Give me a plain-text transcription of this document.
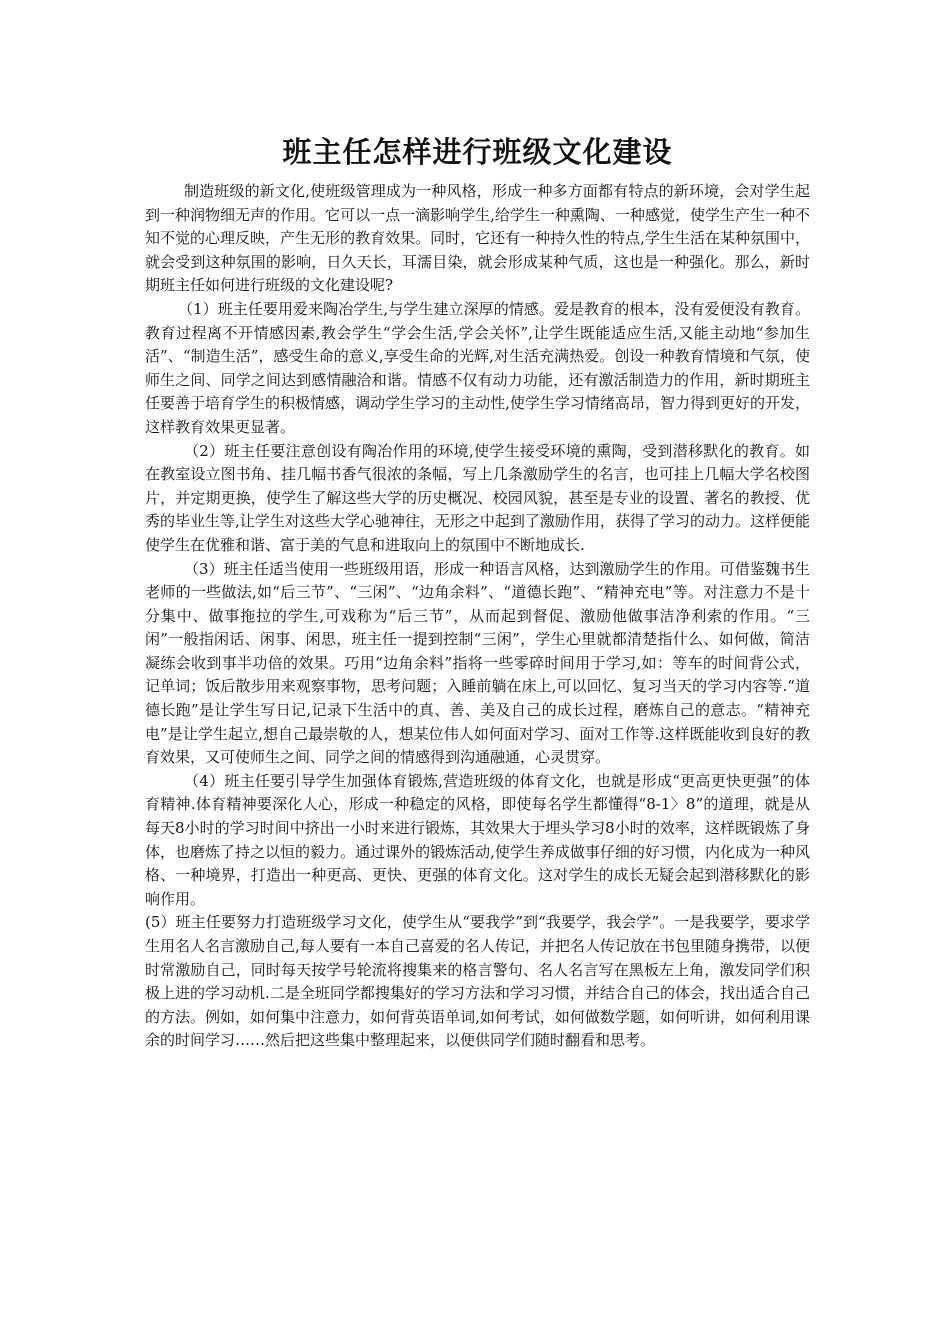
班主任怎样进行班级文化建设

制造班级的新文化,使班级管理成为一种风格，形成一种多方面都有特点的新环境，会对学生起到一种润物细无声的作用。它可以一点一滴影响学生,给学生一种熏陶、一种感觉，使学生产生一种不知不觉的心理反映，产生无形的教育效果。同时，它还有一种持久性的特点,学生生活在某种氛围中，就会受到这种氛围的影响，日久天长，耳濡目染，就会形成某种气质，这也是一种强化。那么，新时期班主任如何进行班级的文化建设呢?

（1）班主任要用爱来陶冶学生,与学生建立深厚的情感。爱是教育的根本，没有爱便没有教育。教育过程离不开情感因素,教会学生“学会生活,学会关怀”,让学生既能适应生活,又能主动地“参加生活”、“制造生活”，感受生命的意义,享受生命的光辉,对生活充满热爱。创设一种教育情境和气氛，使师生之间、同学之间达到感情融洽和谐。情感不仅有动力功能，还有激活制造力的作用，新时期班主任要善于培育学生的积极情感，调动学生学习的主动性,使学生学习情绪高昂，智力得到更好的开发，这样教育效果更显著。

（2）班主任要注意创设有陶冶作用的环境,使学生接受环境的熏陶，受到潜移默化的教育。如在教室设立图书角、挂几幅书香气很浓的条幅，写上几条激励学生的名言，也可挂上几幅大学名校图片，并定期更换，使学生了解这些大学的历史概况、校园风貌，甚至是专业的设置、著名的教授、优秀的毕业生等,让学生对这些大学心驰神往，无形之中起到了激励作用，获得了学习的动力。这样便能使学生在优雅和谐、富于美的气息和进取向上的氛围中不断地成长.

（3）班主任适当使用一些班级用语，形成一种语言风格，达到激励学生的作用。可借鉴魏书生老师的一些做法,如“后三节”、“三闲”、“边角余料”、“道德长跑”、“精神充电”等。对注意力不是十分集中、做事拖拉的学生,可戏称为“后三节”，从而起到督促、激励他做事洁净利索的作用。“三闲”一般指闲话、闲事、闲思，班主任一提到控制“三闲”，学生心里就都清楚指什么、如何做，简洁凝练会收到事半功倍的效果。巧用“边角余料”指将一些零碎时间用于学习,如：等车的时间背公式，记单词；饭后散步用来观察事物，思考问题；入睡前躺在床上,可以回忆、复习当天的学习内容等.“道德长跑”是让学生写日记,记录下生活中的真、善、美及自己的成长过程，磨炼自己的意志。“精神充电”是让学生起立,想自己最崇敬的人，想某位伟人如何面对学习、面对工作等.这样既能收到良好的教育效果，又可使师生之间、同学之间的情感得到沟通融通，心灵贯穿。

（4）班主任要引导学生加强体育锻炼,营造班级的体育文化，也就是形成“更高更快更强”的体育精神.体育精神要深化人心，形成一种稳定的风格，即使每名学生都懂得“8-1〉8”的道理，就是从每天8小时的学习时间中挤出一小时来进行锻炼，其效果大于埋头学习8小时的效率，这样既锻炼了身体，也磨炼了持之以恒的毅力。通过课外的锻炼活动,使学生养成做事仔细的好习惯，内化成为一种风格、一种境界，打造出一种更高、更快、更强的体育文化。这对学生的成长无疑会起到潜移默化的影响作用。

(5）班主任要努力打造班级学习文化，使学生从“要我学”到“我要学，我会学”。一是我要学，要求学生用名人名言激励自己,每人要有一本自己喜爱的名人传记，并把名人传记放在书包里随身携带，以便时常激励自己，同时每天按学号轮流将搜集来的格言警句、名人名言写在黑板左上角，激发同学们积极上进的学习动机.二是全班同学都搜集好的学习方法和学习习惯，并结合自己的体会，找出适合自己的方法。例如，如何集中注意力，如何背英语单词,如何考试，如何做数学题，如何听讲，如何利用课余的时间学习……然后把这些集中整理起来，以便供同学们随时翻看和思考。
